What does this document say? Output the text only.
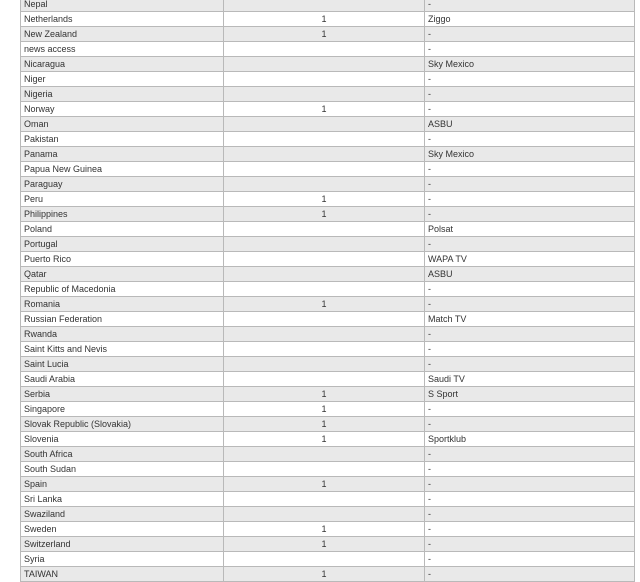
Nepal		-
Netherlands	1	Ziggo
New Zealand	1	-
news access		-
Nicaragua		Sky Mexico
Niger		-
Nigeria		-
Norway	1	-
Oman		ASBU
Pakistan		-
Panama		Sky Mexico
Papua New Guinea		-
Paraguay		-
Peru	1	-
Philippines	1	-
Poland		Polsat
Portugal		-
Puerto Rico		WAPA TV
Qatar		ASBU
Republic of Macedonia		-
Romania	1	-
Russian Federation		Match TV
Rwanda		-
Saint Kitts and Nevis		-
Saint Lucia		-
Saudi Arabia		Saudi TV
Serbia	1	S Sport
Singapore	1	-
Slovak Republic (Slovakia)	1	-
Slovenia	1	Sportklub
South Africa		-
South Sudan		-
Spain	1	-
Sri Lanka		-
Swaziland		-
Sweden	1	-
Switzerland	1	-
Syria		-
TAIWAN	1	-
